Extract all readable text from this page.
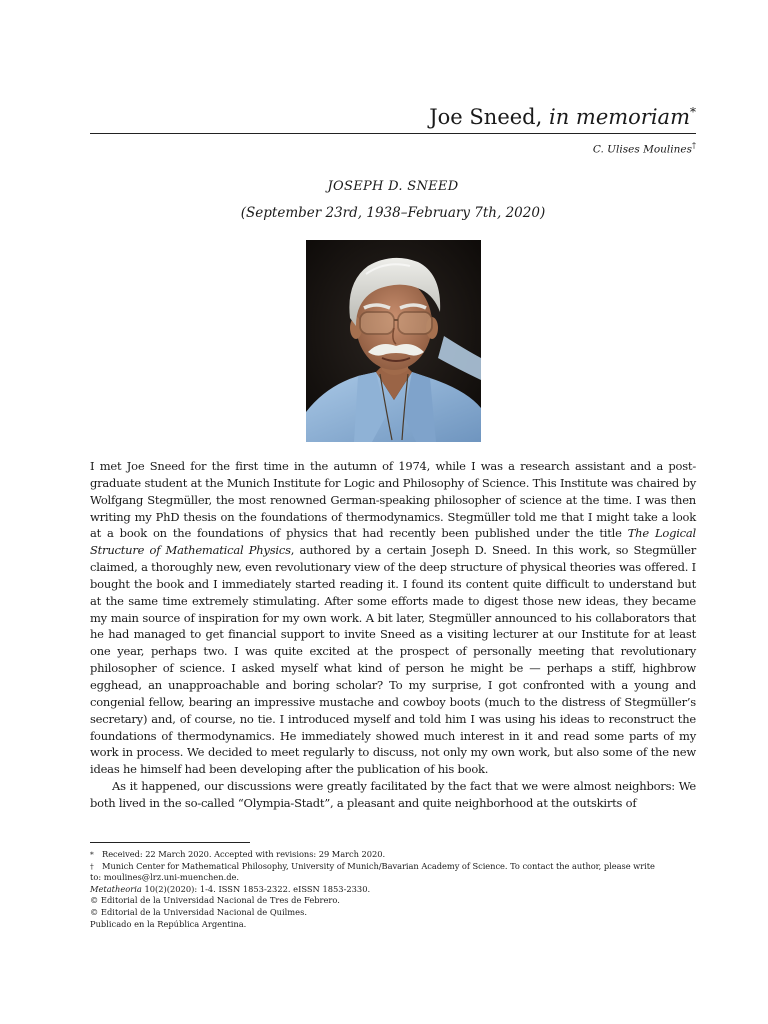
Joe Sneed, in memoriam*
C. Ulises Moulines†
JOSEPH D. SNEED
(September 23rd, 1938–February 7th, 2020)

I met Joe Sneed for the first time in the autumn of 1974, while I was a research assistant and a post-graduate student at the Munich Institute for Logic and Philosophy of Science. This Institute was chaired by Wolfgang Stegmüller, the most renowned German-speaking philosopher of science at the time. I was then writing my PhD thesis on the foundations of thermodynamics. Stegmüller told me that I might take a look at a book on the foundations of physics that had recently been published under the title The Logical Structure of Mathematical Physics, authored by a certain Joseph D. Sneed. In this work, so Stegmüller claimed, a thoroughly new, even revolutionary view of the deep structure of physical theories was offered. I bought the book and I immediately started reading it. I found its content quite difficult to understand but at the same time extremely stimulating. After some efforts made to digest those new ideas, they became my main source of inspiration for my own work. A bit later, Stegmüller announced to his collaborators that he had managed to get financial support to invite Sneed as a visiting lecturer at our Institute for at least one year, perhaps two. I was quite excited at the prospect of personally meeting that revolutionary philosopher of science. I asked myself what kind of person he might be — perhaps a stiff, highbrow egghead, an unapproachable and boring scholar? To my surprise, I got confronted with a young and congenial fellow, bearing an impressive mustache and cowboy boots (much to the distress of Stegmüller’s secretary) and, of course, no tie. I introduced myself and told him I was using his ideas to reconstruct the foundations of thermodynamics. He immediately showed much interest in it and read some parts of my work in process. We decided to meet regularly to discuss, not only my own work, but also some of the new ideas he himself had been developing after the publication of his book.

As it happened, our discussions were greatly facilitated by the fact that we were almost neighbors: We both lived in the so-called “Olympia-Stadt”, a pleasant and quite neighborhood at the outskirts of

* Received: 22 March 2020. Accepted with revisions: 29 March 2020.
† Munich Center for Mathematical Philosophy, University of Munich/Bavarian Academy of Science. To contact the author, please write
to: moulines@lrz.uni-muenchen.de.
Metatheoria 10(2)(2020): 1-4. ISSN 1853-2322. eISSN 1853-2330.
© Editorial de la Universidad Nacional de Tres de Febrero.
© Editorial de la Universidad Nacional de Quilmes.
Publicado en la República Argentina.
